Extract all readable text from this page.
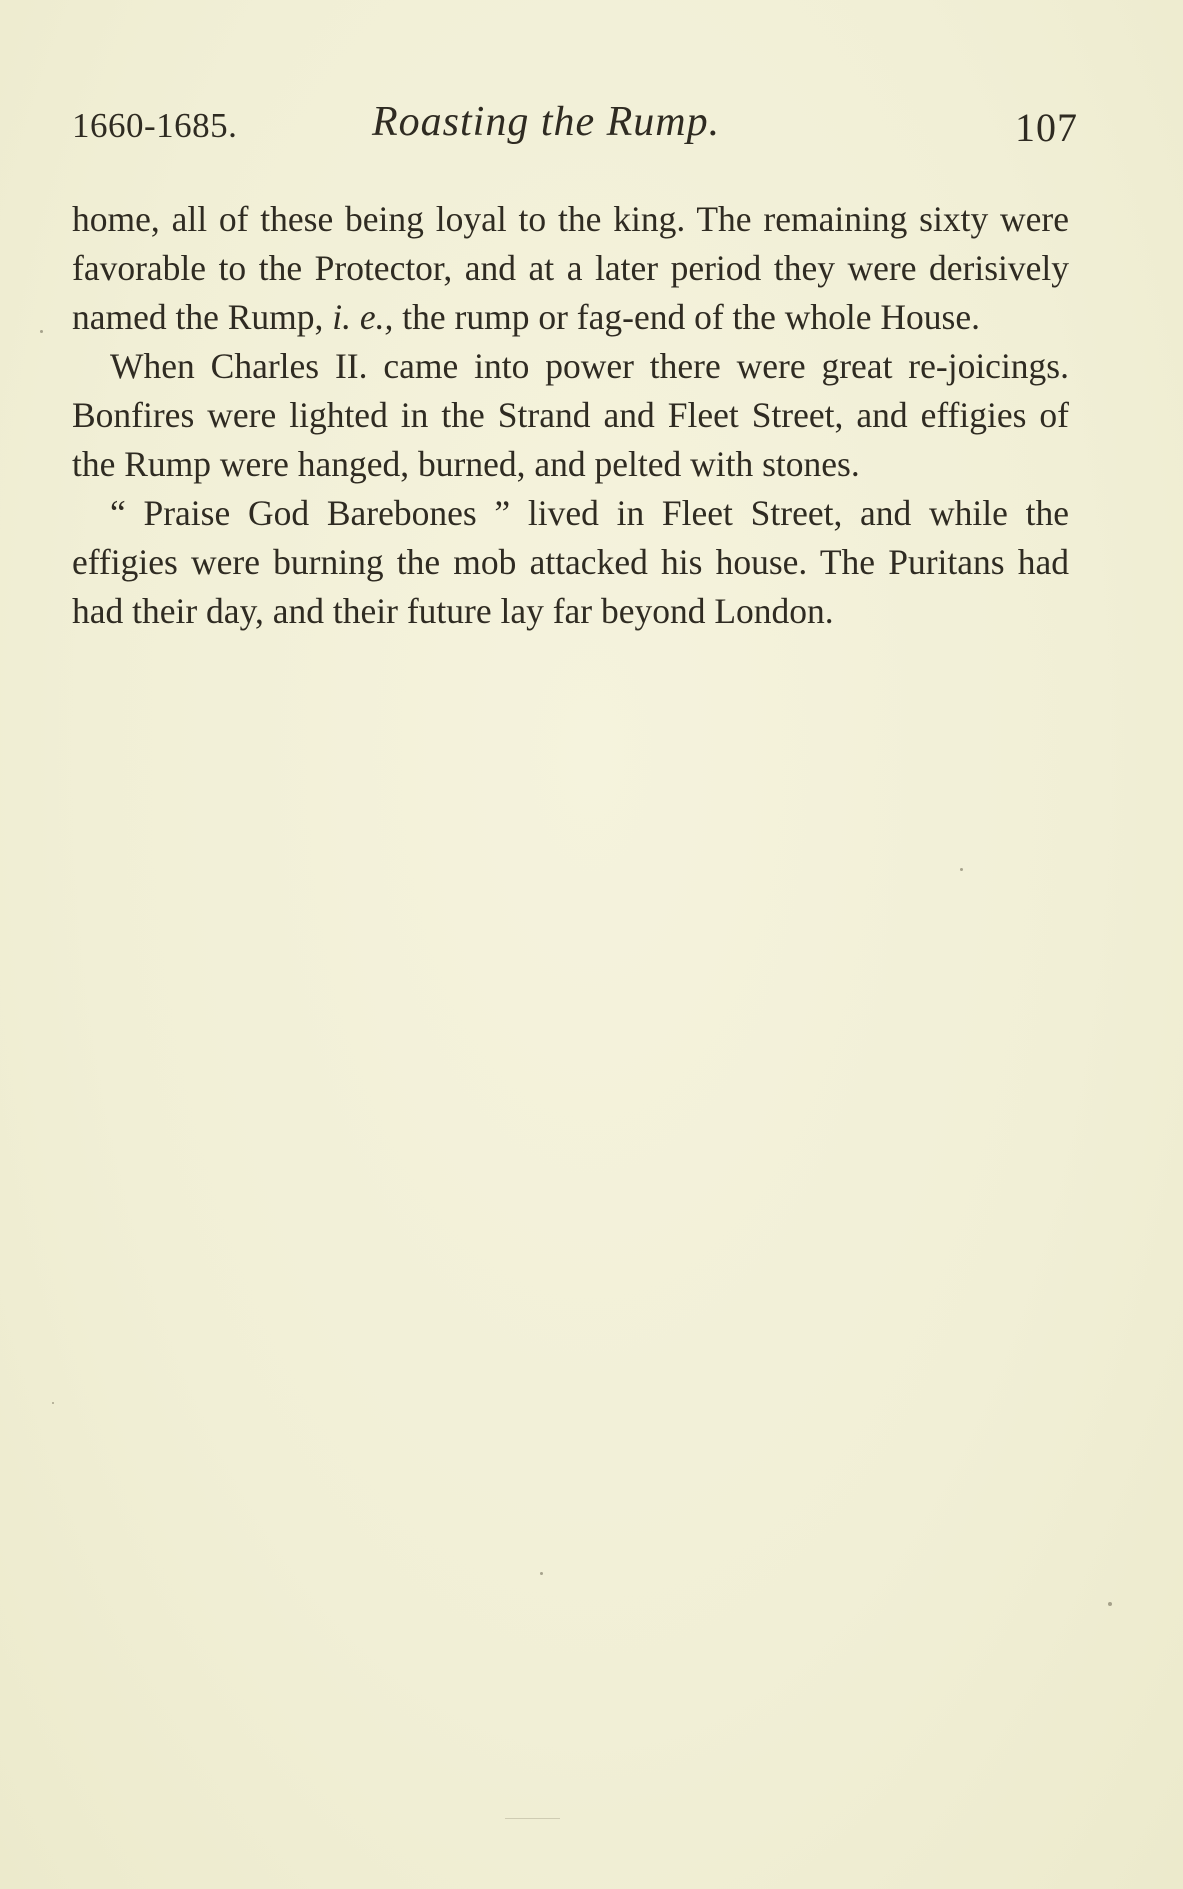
1660-1685.	Roasting the Rump.	107

home, all of these being loyal to the king. The remaining sixty were favorable to the Protector, and at a later period they were derisively named the Rump, i. e., the rump or fag-end of the whole House.

When Charles II. came into power there were great re-joicings. Bonfires were lighted in the Strand and Fleet Street, and effigies of the Rump were hanged, burned, and pelted with stones.

“ Praise God Barebones ” lived in Fleet Street, and while the effigies were burning the mob attacked his house. The Puritans had had their day, and their future lay far beyond London.
